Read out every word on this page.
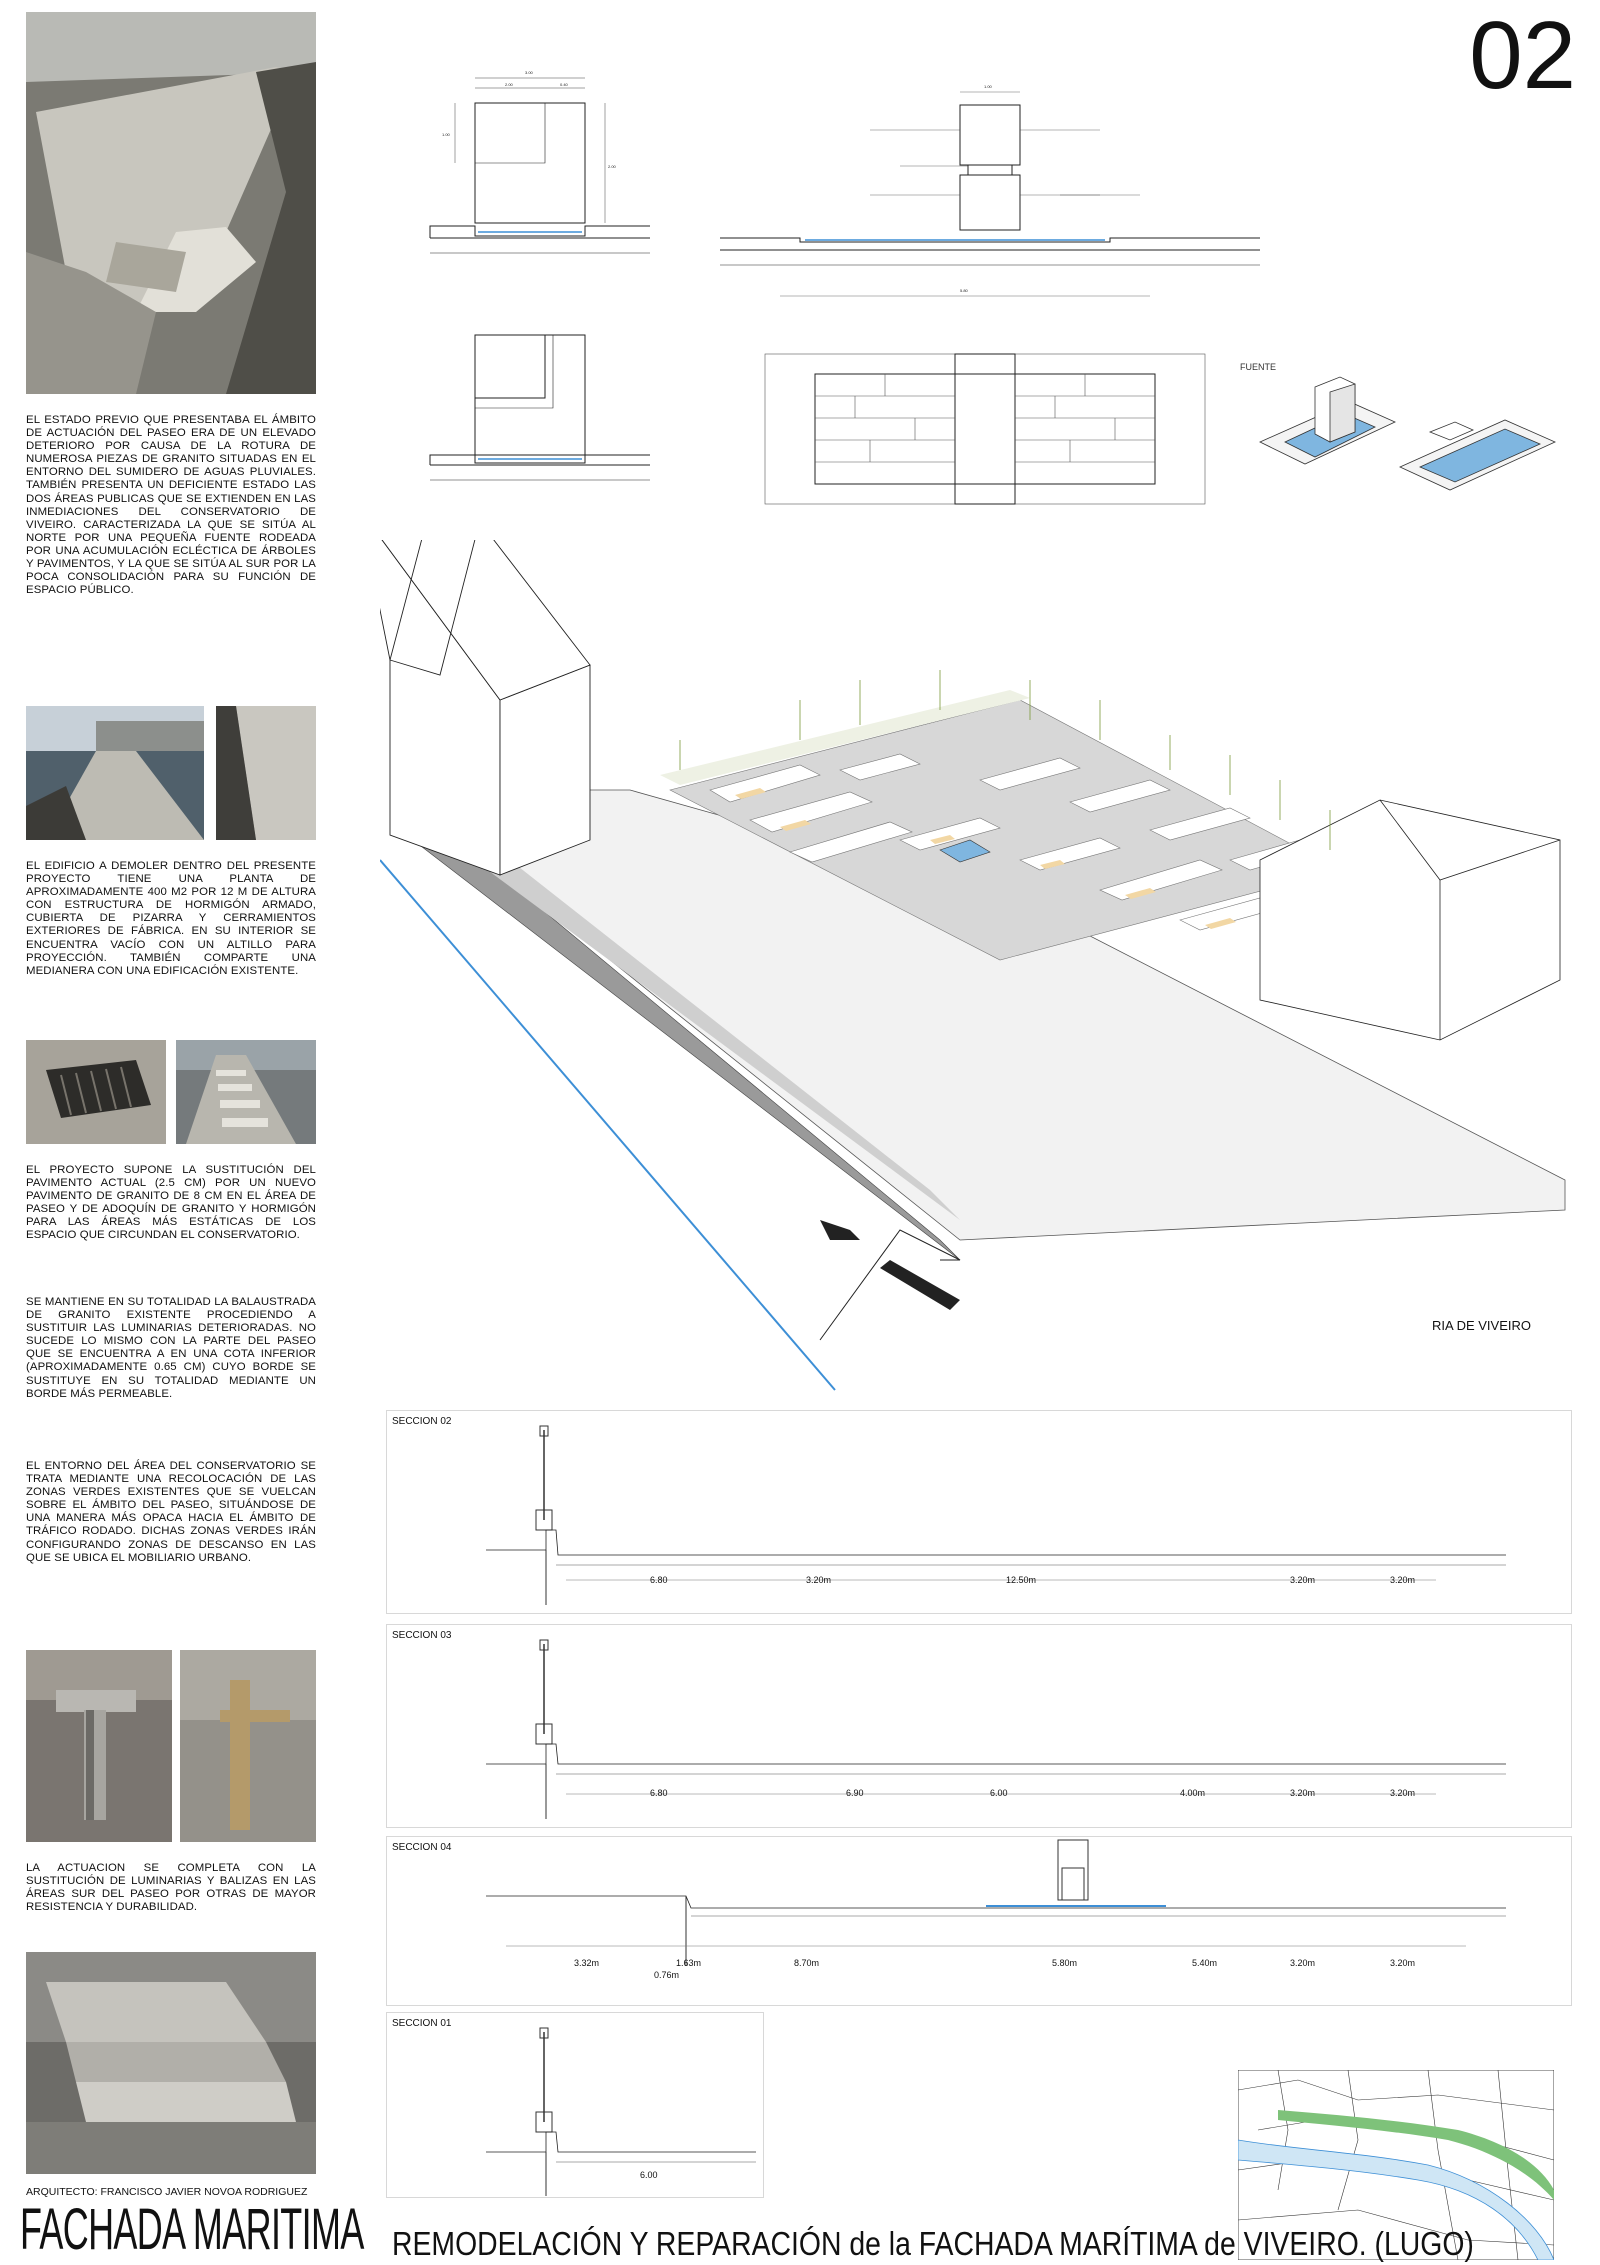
EL ESTADO PREVIO QUE PRESENTABA EL ÁMBITO DE ACTUACIÓN DEL PASEO ERA DE UN ELEVADO DETERIORO POR CAUSA DE LA ROTURA DE NUMEROSA PIEZAS DE GRANITO SITUADAS EN EL ENTORNO DEL SUMIDERO DE AGUAS PLUVIALES. TAMBIÉN PRESENTA UN DEFICIENTE ESTADO LAS DOS ÁREAS PUBLICAS QUE SE EXTIENDEN EN LAS INMEDIACIONES DEL CONSERVATORIO DE VIVEIRO. CARACTERIZADA LA QUE SE SITÚA AL NORTE POR UNA PEQUEÑA FUENTE RODEADA POR UNA ACUMULACIÓN ECLÉCTICA DE ÁRBOLES Y PAVIMENTOS, Y LA QUE SE SITÚA AL SUR POR LA POCA CONSOLIDACIÓN PARA SU FUNCIÓN DE ESPACIO PÚBLICO.
EL EDIFICIO A DEMOLER DENTRO DEL PRESENTE PROYECTO TIENE UNA PLANTA DE APROXIMADAMENTE 400 M2 POR 12 M DE ALTURA CON ESTRUCTURA DE HORMIGÓN ARMADO, CUBIERTA DE PIZARRA Y CERRAMIENTOS EXTERIORES DE FÁBRICA. EN SU INTERIOR SE ENCUENTRA VACÍO CON UN ALTILLO PARA PROYECCIÓN. TAMBIÉN COMPARTE UNA MEDIANERA CON UNA EDIFICACIÓN EXISTENTE.
EL PROYECTO SUPONE LA SUSTITUCIÓN DEL PAVIMENTO ACTUAL (2.5 CM) POR UN NUEVO PAVIMENTO DE GRANITO DE 8 CM EN EL ÁREA DE PASEO Y DE ADOQUÍN DE GRANITO Y HORMIGÓN PARA LAS ÁREAS MÁS ESTÁTICAS DE LOS ESPACIO QUE CIRCUNDAN EL CONSERVATORIO.
SE MANTIENE EN SU TOTALIDAD LA BALAUSTRADA DE GRANITO EXISTENTE PROCEDIENDO A SUSTITUIR LAS LUMINARIAS DETERIORADAS. NO SUCEDE LO MISMO CON LA PARTE DEL PASEO QUE SE ENCUENTRA A EN UNA COTA INFERIOR (APROXIMADAMENTE 0.65 CM) CUYO BORDE SE SUSTITUYE EN SU TOTALIDAD MEDIANTE UN BORDE MÁS PERMEABLE.
EL ENTORNO DEL ÁREA DEL CONSERVATORIO SE TRATA MEDIANTE UNA RECOLOCACIÓN DE LAS ZONAS VERDES EXISTENTES QUE SE VUELCAN SOBRE EL ÁMBITO DEL PASEO, SITUÁNDOSE DE UNA MANERA MÁS OPACA HACIA EL ÁMBITO DE TRÁFICO RODADO. DICHAS ZONAS VERDES IRÁN CONFIGURANDO ZONAS DE DESCANSO EN LAS QUE SE UBICA EL MOBILIARIO URBANO.
LA ACTUACION SE COMPLETA CON LA SUSTITUCIÓN DE LUMINARIAS Y BALIZAS EN LAS ÁREAS SUR DEL PASEO POR OTRAS DE MAYOR RESISTENCIA Y DURABILIDAD.
ARQUITECTO: FRANCISCO JAVIER NOVOA RODRIGUEZ
FACHADA MARITIMA
02
3.00
2.00	0.40
1.00
2.00
1.00
5.80
FUENTE
RIA DE VIVEIRO
SECCION 02
6.80	3.20m	12.50m	3.20m	3.20m
SECCION 03
6.80	6.90	6.00	4.00m	3.20m	3.20m
SECCION 04
3.32m	1.63m
0.76m
8.70m	5.80m	5.40m	3.20m	3.20m
SECCION 01
6.00
REMODELACIÓN Y REPARACIÓN de la FACHADA MARÍTIMA de VIVEIRO. (LUGO)
